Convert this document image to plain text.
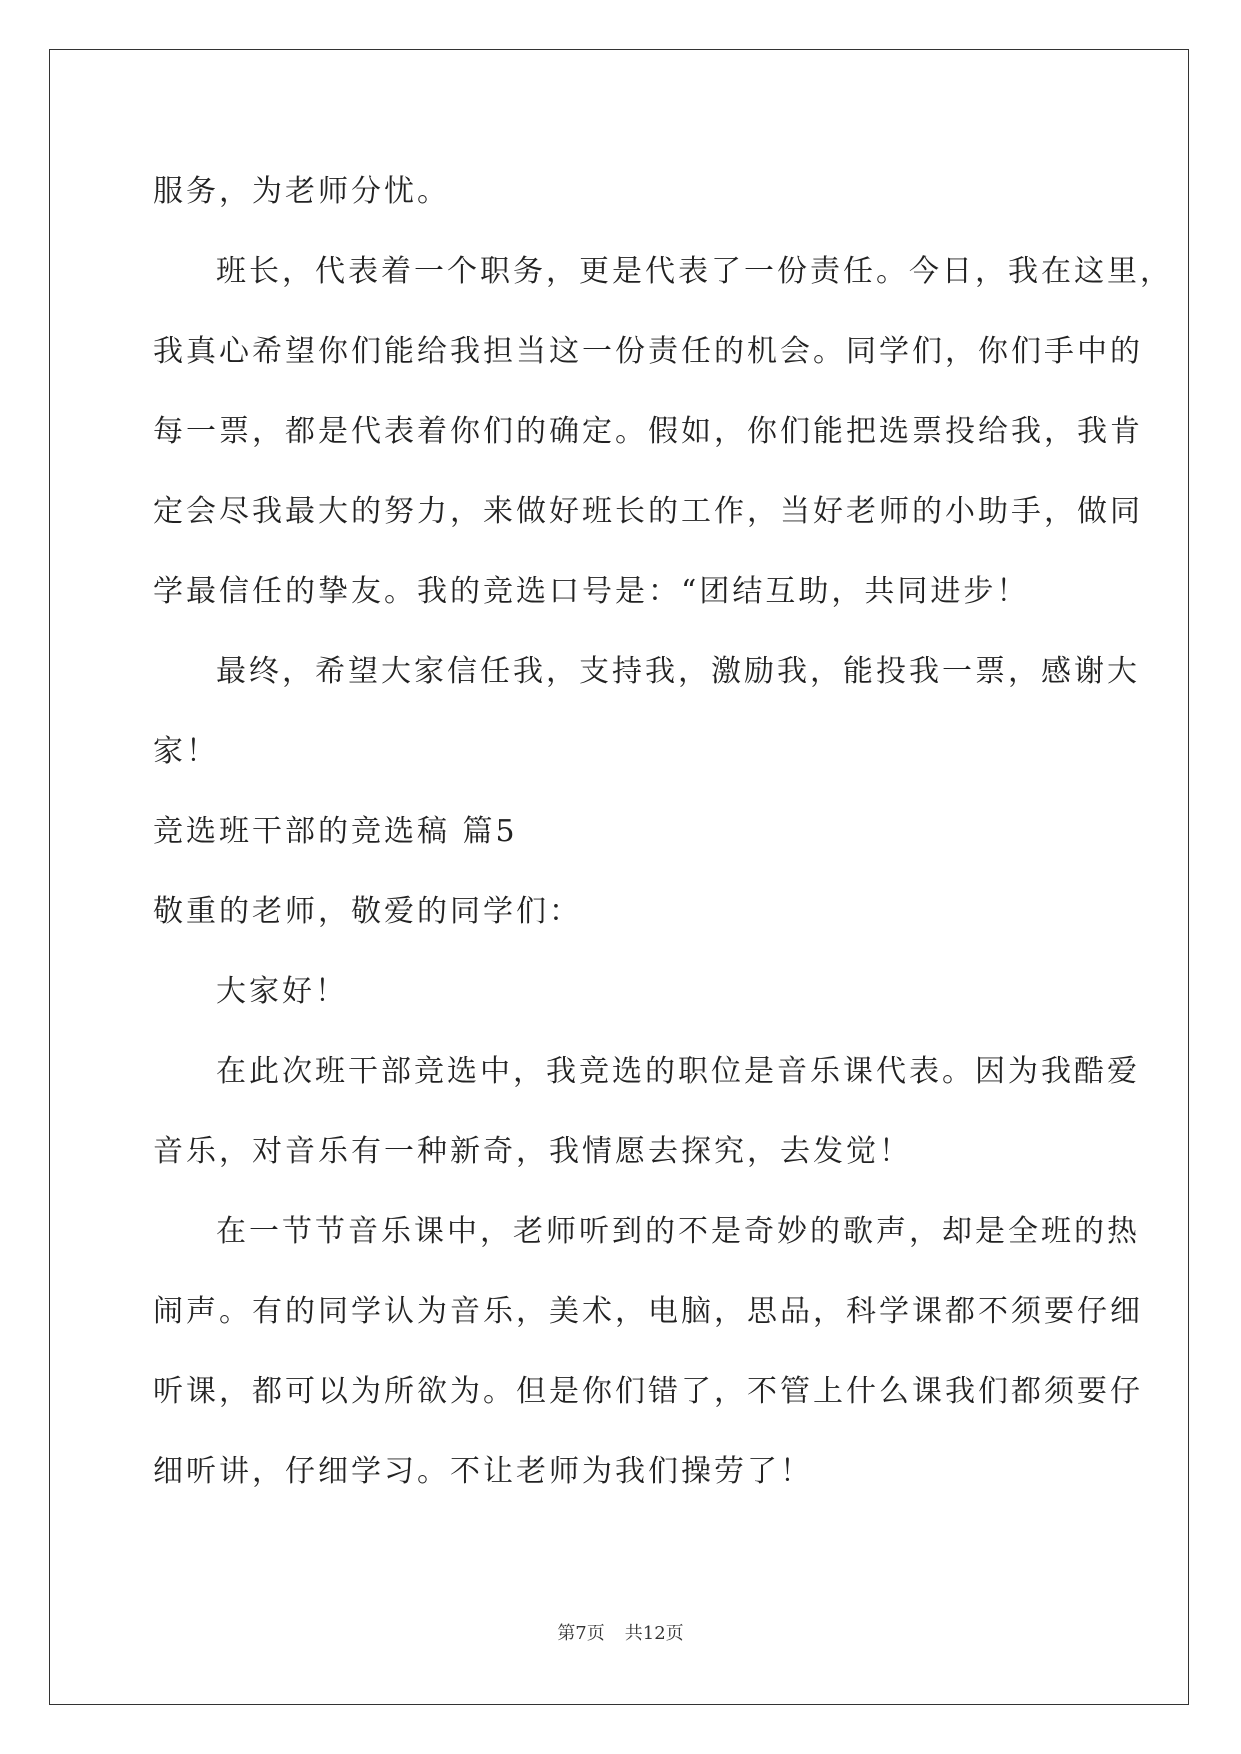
服务，为老师分忧。
班长，代表着一个职务，更是代表了一份责任。今日，我在这里，
我真心希望你们能给我担当这一份责任的机会。同学们，你们手中的
每一票，都是代表着你们的确定。假如，你们能把选票投给我，我肯
定会尽我最大的努力，来做好班长的工作，当好老师的小助手，做同
学最信任的挚友。我的竞选口号是：“团结互助，共同进步！
最终，希望大家信任我，支持我，激励我，能投我一票，感谢大
家！
竞选班干部的竞选稿 篇5
敬重的老师，敬爱的同学们：
大家好！
在此次班干部竞选中，我竞选的职位是音乐课代表。因为我酷爱
音乐，对音乐有一种新奇，我情愿去探究，去发觉！
在一节节音乐课中，老师听到的不是奇妙的歌声，却是全班的热
闹声。有的同学认为音乐，美术，电脑，思品，科学课都不须要仔细
听课，都可以为所欲为。但是你们错了，不管上什么课我们都须要仔
细听讲，仔细学习。不让老师为我们操劳了！
第7页 共12页
